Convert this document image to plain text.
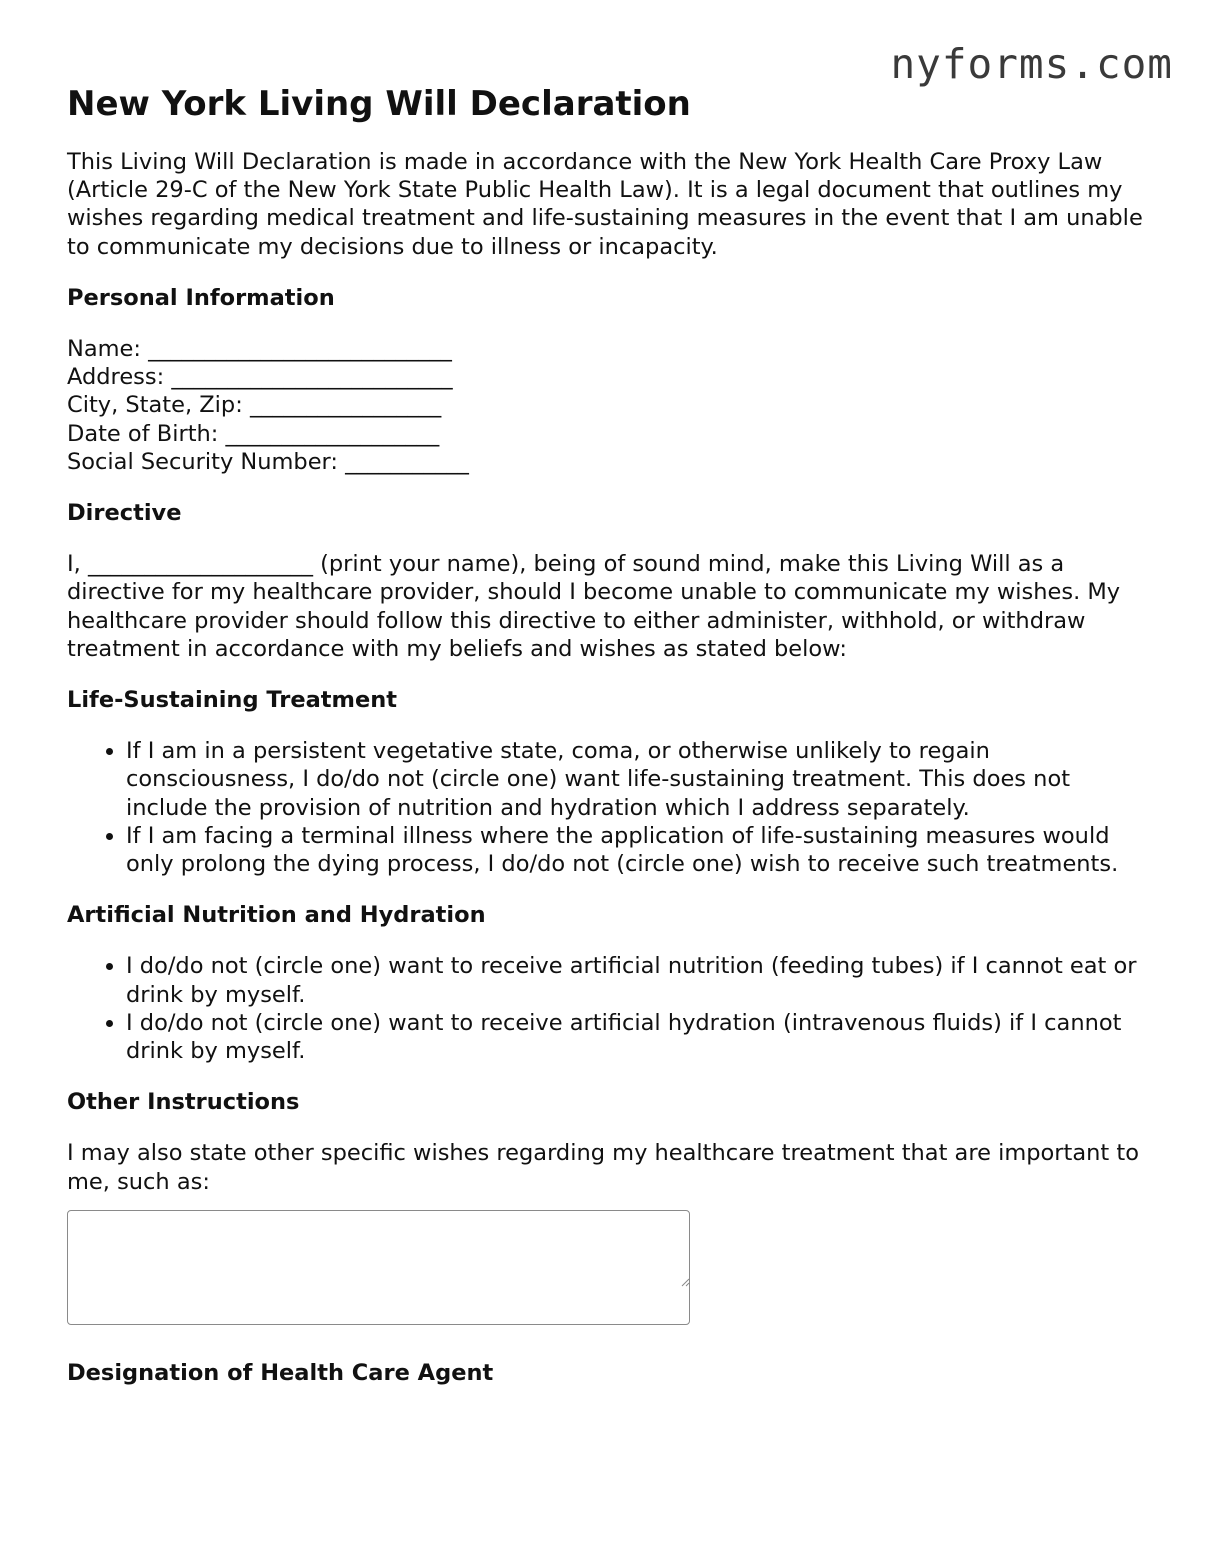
nyforms.com
New York Living Will Declaration

This Living Will Declaration is made in accordance with the New York Health Care Proxy Law (Article 29-C of the New York State Public Health Law). It is a legal document that outlines my wishes regarding medical treatment and life-sustaining measures in the event that I am unable to communicate my decisions due to illness or incapacity.

Personal Information
Name: ___________________________
Address: _________________________
City, State, Zip: _________________
Date of Birth: ___________________
Social Security Number: ___________
Directive

I, ____________________ (print your name), being of sound mind, make this Living Will as a directive for my healthcare provider, should I become unable to communicate my wishes. My healthcare provider should follow this directive to either administer, withhold, or withdraw treatment in accordance with my beliefs and wishes as stated below:

Life-Sustaining Treatment
• If I am in a persistent vegetative state, coma, or otherwise unlikely to regain consciousness, I do/do not (circle one) want life-sustaining treatment. This does not include the provision of nutrition and hydration which I address separately.
• If I am facing a terminal illness where the application of life-sustaining measures would only prolong the dying process, I do/do not (circle one) wish to receive such treatments.
Artificial Nutrition and Hydration
• I do/do not (circle one) want to receive artificial nutrition (feeding tubes) if I cannot eat or drink by myself.
• I do/do not (circle one) want to receive artificial hydration (intravenous fluids) if I cannot drink by myself.
Other Instructions

I may also state other specific wishes regarding my healthcare treatment that are important to me, such as:

Designation of Health Care Agent
